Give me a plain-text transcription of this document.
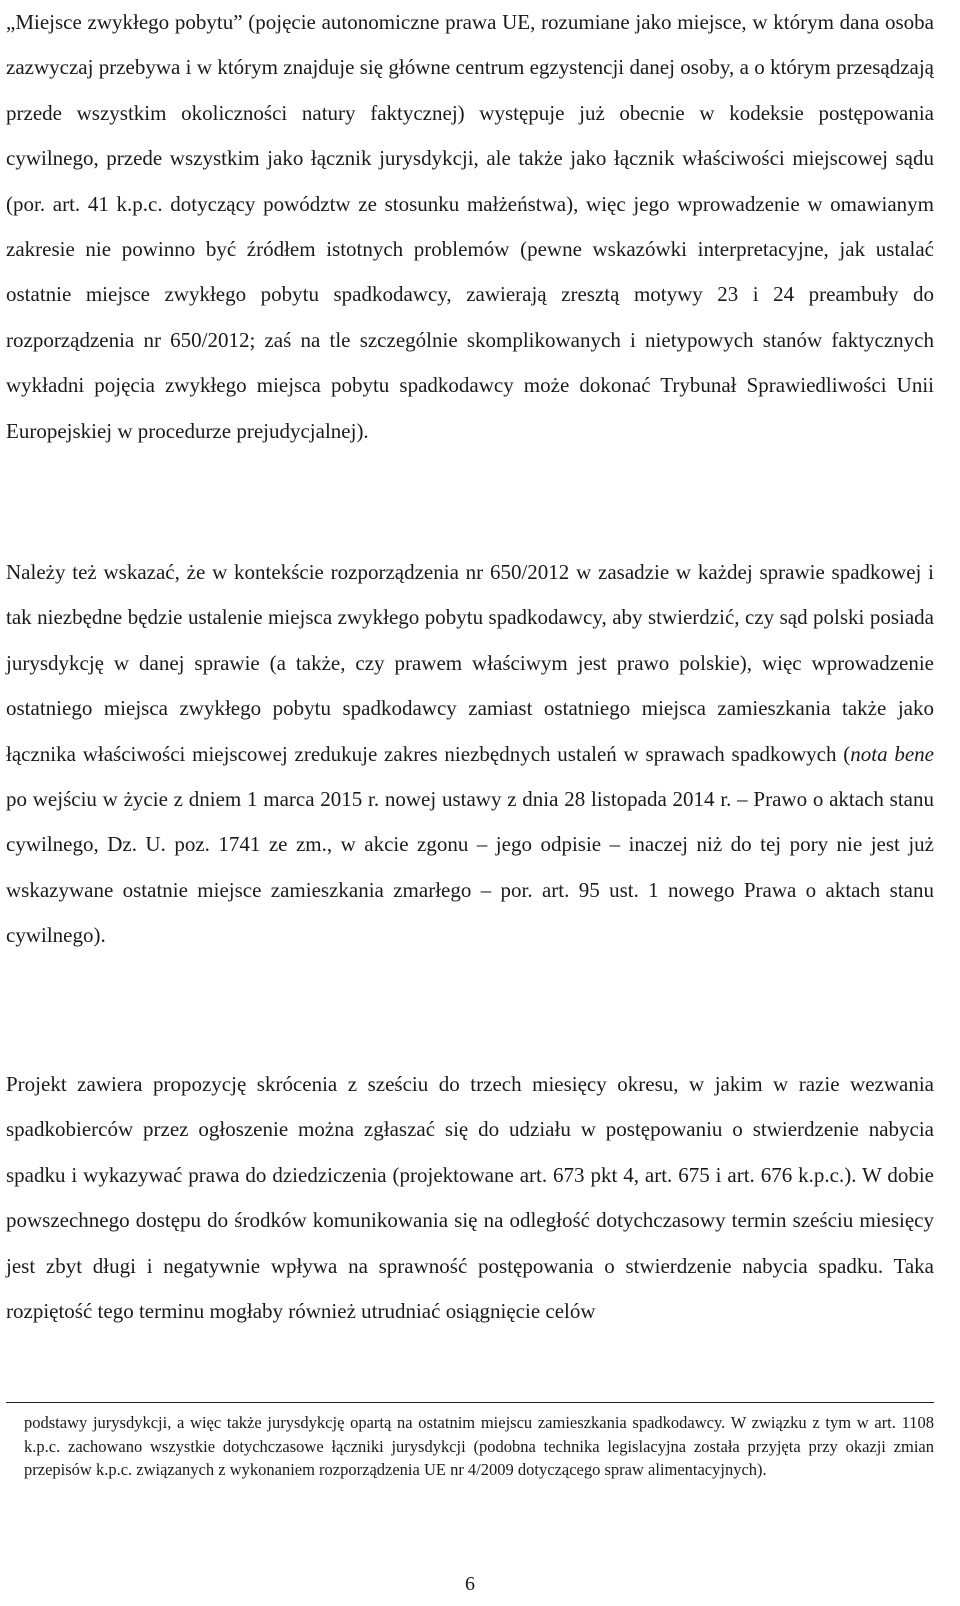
„Miejsce zwykłego pobytu” (pojęcie autonomiczne prawa UE, rozumiane jako miejsce, w którym dana osoba zazwyczaj przebywa i w którym znajduje się główne centrum egzystencji danej osoby, a o którym przesądzają przede wszystkim okoliczności natury faktycznej) występuje już obecnie w kodeksie postępowania cywilnego, przede wszystkim jako łącznik jurysdykcji, ale także jako łącznik właściwości miejscowej sądu (por. art. 41 k.p.c. dotyczący powództw ze stosunku małżeństwa), więc jego wprowadzenie w omawianym zakresie nie powinno być źródłem istotnych problemów (pewne wskazówki interpretacyjne, jak ustalać ostatnie miejsce zwykłego pobytu spadkodawcy, zawierają zresztą motywy 23 i 24 preambuły do rozporządzenia nr 650/2012; zaś na tle szczególnie skomplikowanych i nietypowych stanów faktycznych wykładni pojęcia zwykłego miejsca pobytu spadkodawcy może dokonać Trybunał Sprawiedliwości Unii Europejskiej w procedurze prejudycjalnej).

Należy też wskazać, że w kontekście rozporządzenia nr 650/2012 w zasadzie w każdej sprawie spadkowej i tak niezbędne będzie ustalenie miejsca zwykłego pobytu spadkodawcy, aby stwierdzić, czy sąd polski posiada jurysdykcję w danej sprawie (a także, czy prawem właściwym jest prawo polskie), więc wprowadzenie ostatniego miejsca zwykłego pobytu spadkodawcy zamiast ostatniego miejsca zamieszkania także jako łącznika właściwości miejscowej zredukuje zakres niezbędnych ustaleń w sprawach spadkowych (nota bene po wejściu w życie z dniem 1 marca 2015 r. nowej ustawy z dnia 28 listopada 2014 r. – Prawo o aktach stanu cywilnego, Dz. U. poz. 1741 ze zm., w akcie zgonu – jego odpisie – inaczej niż do tej pory nie jest już wskazywane ostatnie miejsce zamieszkania zmarłego – por. art. 95 ust. 1 nowego Prawa o aktach stanu cywilnego).

Projekt zawiera propozycję skrócenia z sześciu do trzech miesięcy okresu, w jakim w razie wezwania spadkobierców przez ogłoszenie można zgłaszać się do udziału w postępowaniu o stwierdzenie nabycia spadku i wykazywać prawa do dziedziczenia (projektowane art. 673 pkt 4, art. 675 i art. 676 k.p.c.). W dobie powszechnego dostępu do środków komunikowania się na odległość dotychczasowy termin sześciu miesięcy jest zbyt długi i negatywnie wpływa na sprawność postępowania o stwierdzenie nabycia spadku. Taka rozpiętość tego terminu mogłaby również utrudniać osiągnięcie celów

podstawy jurysdykcji, a więc także jurysdykcję opartą na ostatnim miejscu zamieszkania spadkodawcy. W związku z tym w art. 1108 k.p.c. zachowano wszystkie dotychczasowe łączniki jurysdykcji (podobna technika legislacyjna została przyjęta przy okazji zmian przepisów k.p.c. związanych z wykonaniem rozporządzenia UE nr 4/2009 dotyczącego spraw alimentacyjnych).

6
